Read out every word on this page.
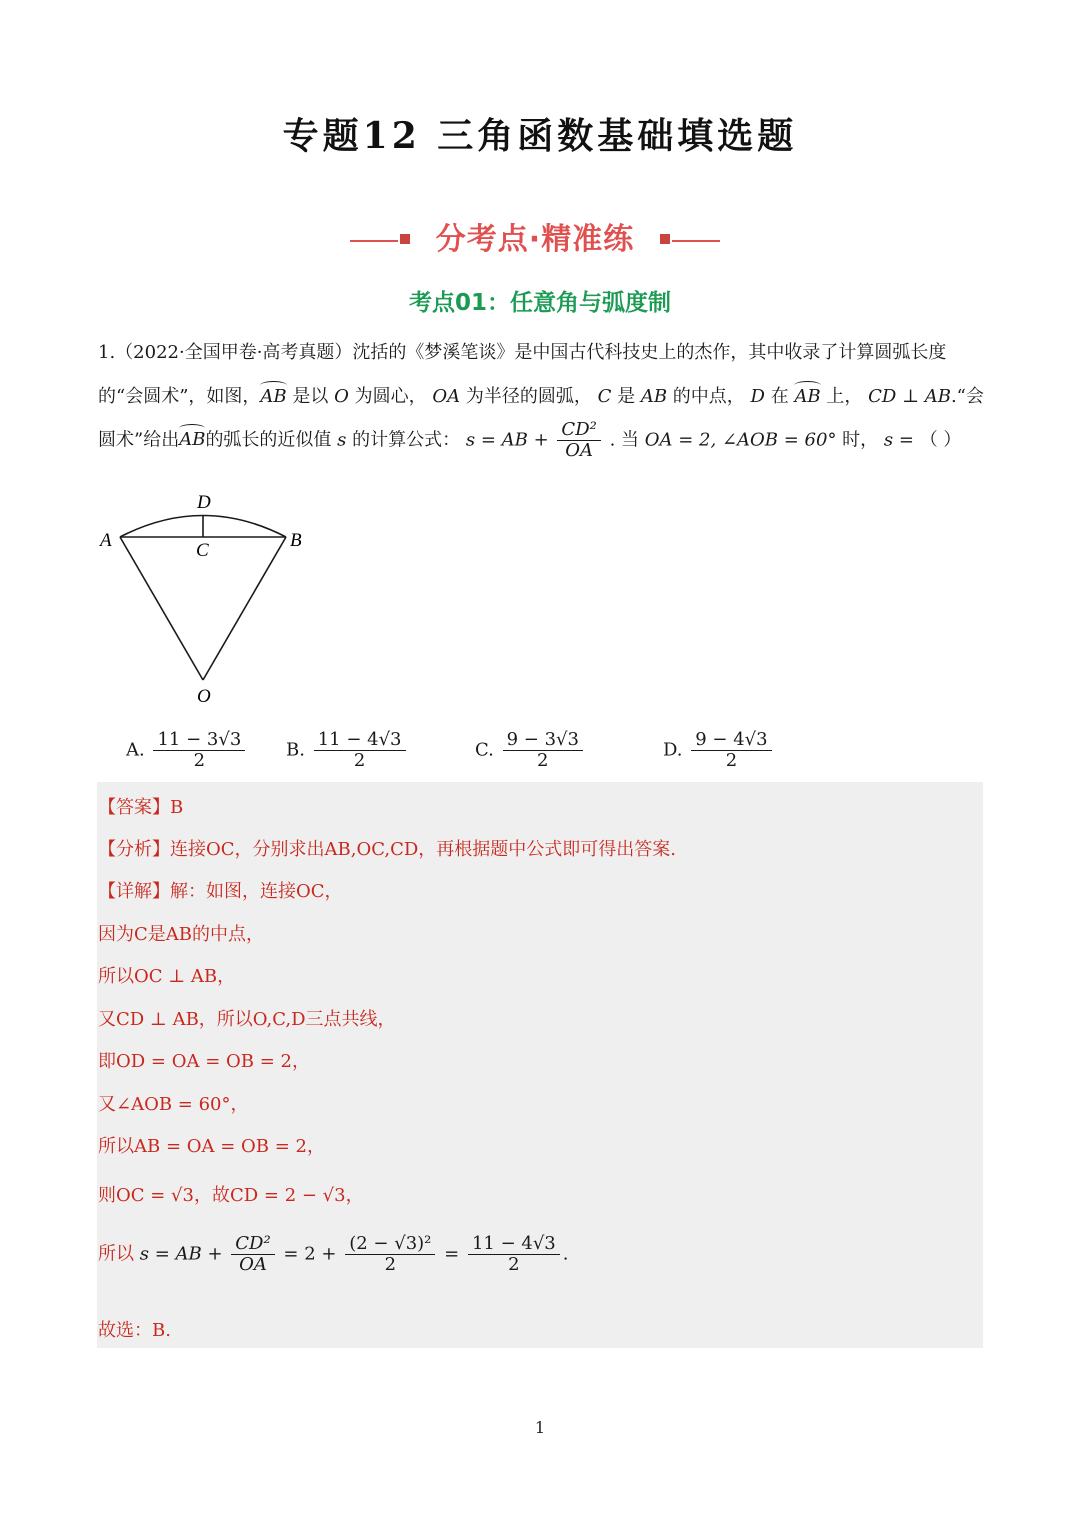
专题12 三角函数基础填选题
分考点·精准练
考点01：任意角与弧度制
1.（2022·全国甲卷·高考真题）沈括的《梦溪笔谈》是中国古代科技史上的杰作，其中收录了计算圆弧长度
的“会圆术”，如图，AB 是以 O 为圆心， OA 为半径的圆弧， C 是 AB 的中点， D 在 AB 上， CD ⊥ AB.“会
圆术”给出AB的弧长的近似值 s 的计算公式： s = AB + $\frac{\text{CD²}}{OA}$ . 当 OA = 2, ∠AOB = 60° 时， s = （ ）
D
A	C	B
O
A. $\frac{11 - 3√3}{2} B$. $\frac{11 - 4√3}{2}$	C. $\frac{9 - 3√3}{2}$	D. $\frac{9 - 4√3}{2}$
【答案】B
【分析】连接OC，分别求出AB,OC,CD，再根据题中公式即可得出答案.
【详解】解：如图，连接OC，
因为C是AB的中点，
所以OC ⊥ AB，
又CD ⊥ AB，所以O,C,D三点共线，
即OD = OA = OB = 2，
又∠AOB = 60°，
所以AB = OA = OB = 2，
则OC = √3，故CD = 2 − √3，
所以 s = AB + $\frac{\text{CD²}}{OA} = 2 + \frac{\text{(2 − √3)²}}{2} = \frac{11 - 4√3}{2}$ .
故选：B.
1
